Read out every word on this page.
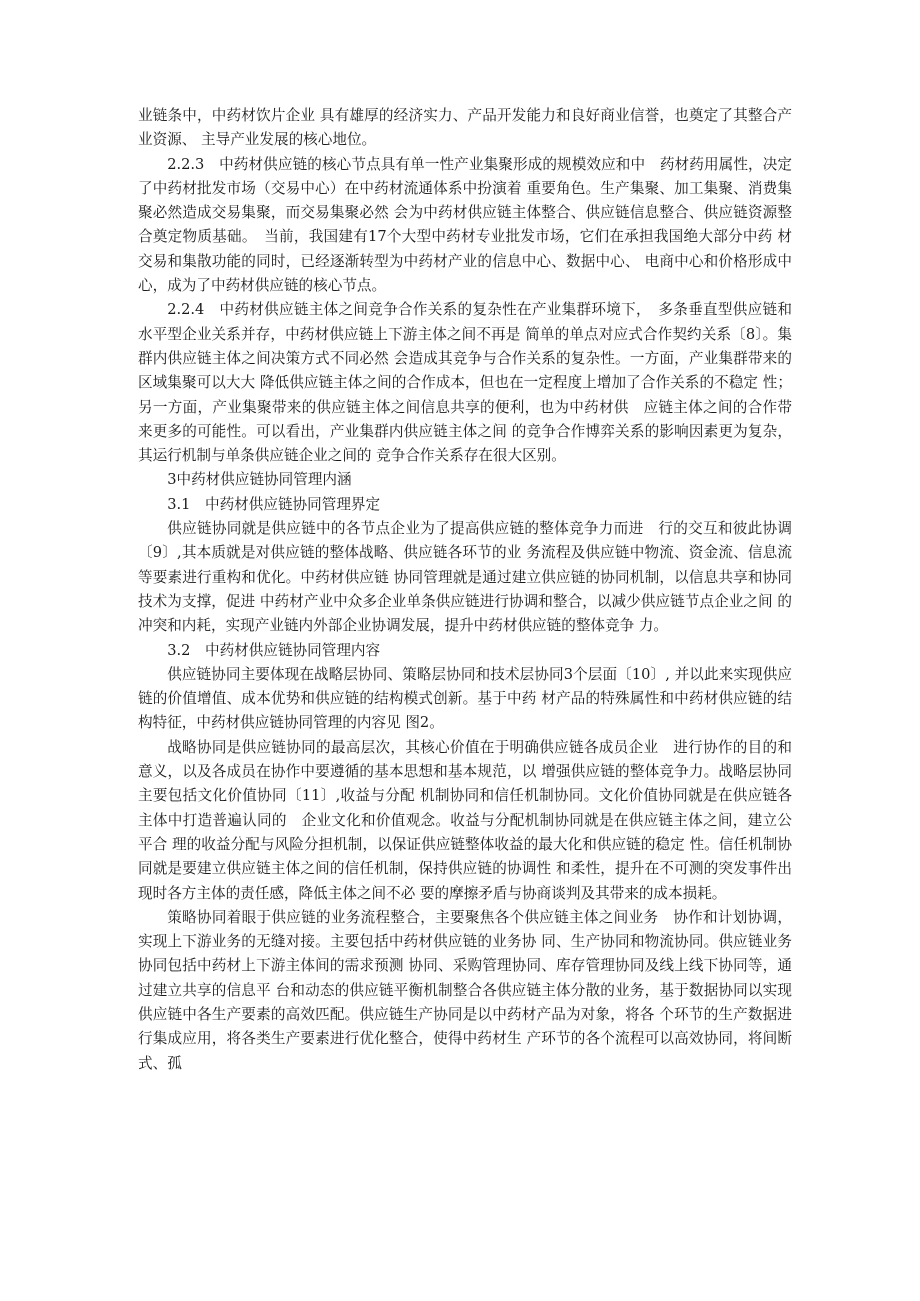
业链条中，中药材饮片企业 具有雄厚的经济实力、产品开发能力和良好商业信誉，也奠定了其整合产业资源、 主导产业发展的核心地位。

2.2.3　中药材供应链的核心节点具有单一性产业集聚形成的规模效应和中　药材药用属性，决定了中药材批发市场（交易中心）在中药材流通体系中扮演着 重要角色。生产集聚、加工集聚、消费集聚必然造成交易集聚，而交易集聚必然 会为中药材供应链主体整合、供应链信息整合、供应链资源整合奠定物质基础。　当前，我国建有17个大型中药材专业批发市场，它们在承担我国绝大部分中药 材交易和集散功能的同时，已经逐渐转型为中药材产业的信息中心、数据中心、 电商中心和价格形成中心，成为了中药材供应链的核心节点。

2.2.4　中药材供应链主体之间竞争合作关系的复杂性在产业集群环境下，　多条垂直型供应链和水平型企业关系并存，中药材供应链上下游主体之间不再是 简单的单点对应式合作契约关系〔8〕。集群内供应链主体之间决策方式不同必然 会造成其竞争与合作关系的复杂性。一方面，产业集群带来的区域集聚可以大大 降低供应链主体之间的合作成本，但也在一定程度上增加了合作关系的不稳定 性；另一方面，产业集聚带来的供应链主体之间信息共享的便利，也为中药材供　应链主体之间的合作带来更多的可能性。可以看出，产业集群内供应链主体之间 的竞争合作博弈关系的影响因素更为复杂，其运行机制与单条供应链企业之间的 竞争合作关系存在很大区别。

3中药材供应链协同管理内涵

3.1　中药材供应链协同管理界定

供应链协同就是供应链中的各节点企业为了提高供应链的整体竞争力而进　行的交互和彼此协调〔9〕,其本质就是对供应链的整体战略、供应链各环节的业 务流程及供应链中物流、资金流、信息流等要素进行重构和优化。中药材供应链 协同管理就是通过建立供应链的协同机制，以信息共享和协同技术为支撑，促进 中药材产业中众多企业单条供应链进行协调和整合，以减少供应链节点企业之间 的冲突和内耗，实现产业链内外部企业协调发展，提升中药材供应链的整体竞争 力。

3.2　中药材供应链协同管理内容

供应链协同主要体现在战略层协同、策略层协同和技术层协同3个层面〔10〕, 并以此来实现供应链的价值增值、成本优势和供应链的结构模式创新。基于中药 材产品的特殊属性和中药材供应链的结构特征，中药材供应链协同管理的内容见 图2。

战略协同是供应链协同的最高层次，其核心价值在于明确供应链各成员企业　进行协作的目的和意义，以及各成员在协作中要遵循的基本思想和基本规范，以 增强供应链的整体竞争力。战略层协同主要包括文化价值协同〔11〕,收益与分配 机制协同和信任机制协同。文化价值协同就是在供应链各主体中打造普遍认同的　企业文化和价值观念。收益与分配机制协同就是在供应链主体之间，建立公平合 理的收益分配与风险分担机制，以保证供应链整体收益的最大化和供应链的稳定 性。信任机制协同就是要建立供应链主体之间的信任机制，保持供应链的协调性 和柔性，提升在不可测的突发事件出现时各方主体的责任感，降低主体之间不必 要的摩擦矛盾与协商谈判及其带来的成本损耗。

策略协同着眼于供应链的业务流程整合，主要聚焦各个供应链主体之间业务　协作和计划协调，实现上下游业务的无缝对接。主要包括中药材供应链的业务协 同、生产协同和物流协同。供应链业务协同包括中药材上下游主体间的需求预测 协同、采购管理协同、库存管理协同及线上线下协同等，通过建立共享的信息平 台和动态的供应链平衡机制整合各供应链主体分散的业务，基于数据协同以实现 供应链中各生产要素的高效匹配。供应链生产协同是以中药材产品为对象，将各 个环节的生产数据进行集成应用，将各类生产要素进行优化整合，使得中药材生 产环节的各个流程可以高效协同，将间断式、孤
